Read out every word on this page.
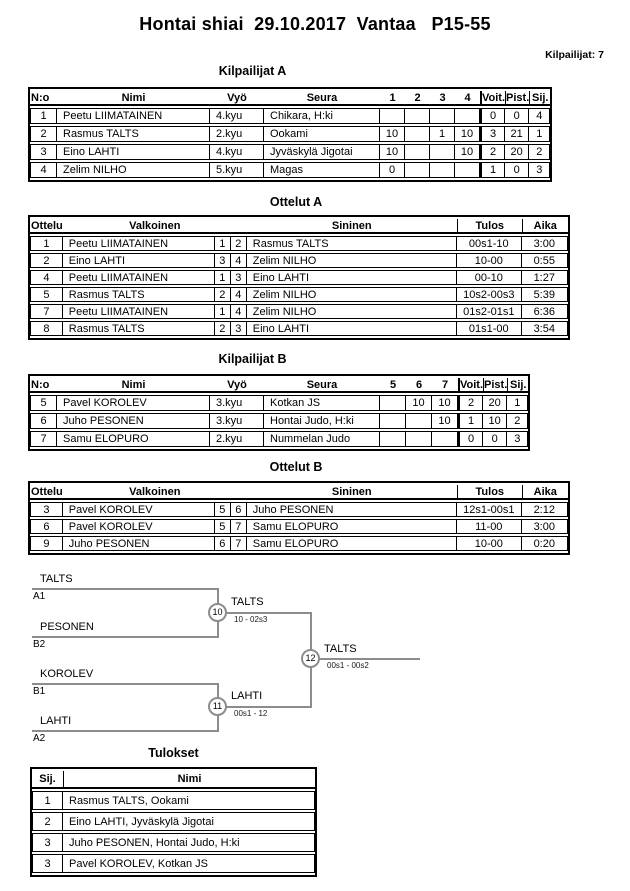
Hontai shiai  29.10.2017  Vantaa   P15-55
Kilpailijat: 7
Kilpailijat A
N:o	Nimi	Vyö	Seura	1	2	3	4	Voit.	Pist.	Sij.
1	Peetu LIIMATAINEN	4.kyu	Chikara, H:ki					0	0	4
2	Rasmus TALTS	2.kyu	Ookami	10		1	10	3	21	1
3	Eino LAHTI	4.kyu	Jyväskylä Jigotai	10			10	2	20	2
4	Zelim NILHO	5.kyu	Magas	0				1	0	3
Ottelut A
Ottelu	Valkoinen			Sininen	Tulos	Aika
1	Peetu LIIMATAINEN	1	2	Rasmus TALTS	00s1-10	3:00
2	Eino LAHTI	3	4	Zelim NILHO	10-00	0:55
4	Peetu LIIMATAINEN	1	3	Eino LAHTI	00-10	1:27
5	Rasmus TALTS	2	4	Zelim NILHO	10s2-00s3	5:39
7	Peetu LIIMATAINEN	1	4	Zelim NILHO	01s2-01s1	6:36
8	Rasmus TALTS	2	3	Eino LAHTI	01s1-00	3:54
Kilpailijat B
N:o	Nimi	Vyö	Seura	5	6	7	Voit.	Pist.	Sij.
5	Pavel KOROLEV	3.kyu	Kotkan JS		10	10	2	20	1
6	Juho PESONEN	3.kyu	Hontai Judo, H:ki			10	1	10	2
7	Samu ELOPURO	2.kyu	Nummelan Judo				0	0	3
Ottelut B
Ottelu	Valkoinen			Sininen	Tulos	Aika
3	Pavel KOROLEV	5	6	Juho PESONEN	12s1-00s1	2:12
6	Pavel KOROLEV	5	7	Samu ELOPURO	11-00	3:00
9	Juho PESONEN	6	7	Samu ELOPURO	10-00	0:20
TALTS
A1
PESONEN
B2
KOROLEV
B1
LAHTI
A2
10
11
12
TALTS
10 - 02s3
LAHTI
00s1 - 12
TALTS
00s1 - 00s2
Tulokset
Sij.	Nimi
1	Rasmus TALTS, Ookami
2	Eino LAHTI, Jyväskylä Jigotai
3	Juho PESONEN, Hontai Judo, H:ki
3	Pavel KOROLEV, Kotkan JS
